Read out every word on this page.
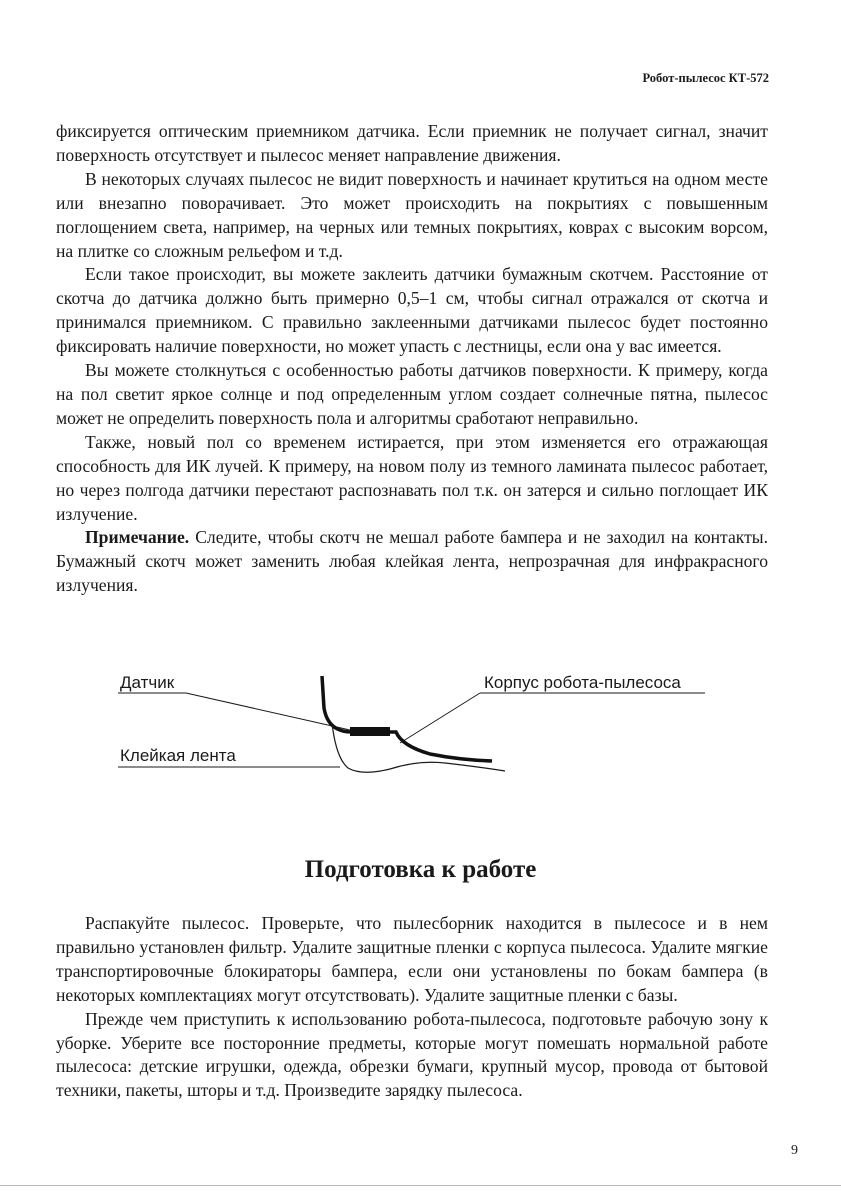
Робот-пылесос КТ-572

фиксируется оптическим приемником датчика. Если приемник не получает сигнал, значит поверхность отсутствует и пылесос меняет направление движения.

В некоторых случаях пылесос не видит поверхность и начинает крутиться на одном месте или внезапно поворачивает. Это может происходить на покрытиях с повышенным поглощением света, например, на черных или темных покрытиях, коврах с высоким ворсом, на плитке со сложным рельефом и т.д.

Если такое происходит, вы можете заклеить датчики бумажным скотчем. Расстояние от скотча до датчика должно быть примерно 0,5–1 см, чтобы сигнал отражался от скотча и принимался приемником. С правильно заклеенными датчиками пылесос будет постоянно фиксировать наличие поверхности, но может упасть с лестницы, если она у вас имеется.

Вы можете столкнуться с особенностью работы датчиков поверхности. К примеру, когда на пол светит яркое солнце и под определенным углом создает солнечные пятна, пылесос может не определить поверхность пола и алгоритмы сработают неправильно.

Также, новый пол со временем истирается, при этом изменяется его отражающая способность для ИК лучей. К примеру, на новом полу из темного ламината пылесос работает, но через полгода датчики перестают распознавать пол т.к. он затерся и сильно поглощает ИК излучение.

Примечание. Следите, чтобы скотч не мешал работе бампера и не заходил на контакты. Бумажный скотч может заменить любая клейкая лента, непрозрачная для инфракрасного излучения.

Датчик	Корпус робота-пылесоса
Клейкая лента
Подготовка к работе

Распакуйте пылесос. Проверьте, что пылесборник находится в пылесосе и в нем правильно установлен фильтр. Удалите защитные пленки с корпуса пылесоса. Удалите мягкие транспортировочные блокираторы бампера, если они установлены по бокам бампера (в некоторых комплектациях могут отсутствовать). Удалите защитные пленки с базы.

Прежде чем приступить к использованию робота-пылесоса, подготовьте рабочую зону к уборке. Уберите все посторонние предметы, которые могут помешать нормальной работе пылесоса: детские игрушки, одежда, обрезки бумаги, крупный мусор, провода от бытовой техники, пакеты, шторы и т.д. Произведите зарядку пылесоса.

9
